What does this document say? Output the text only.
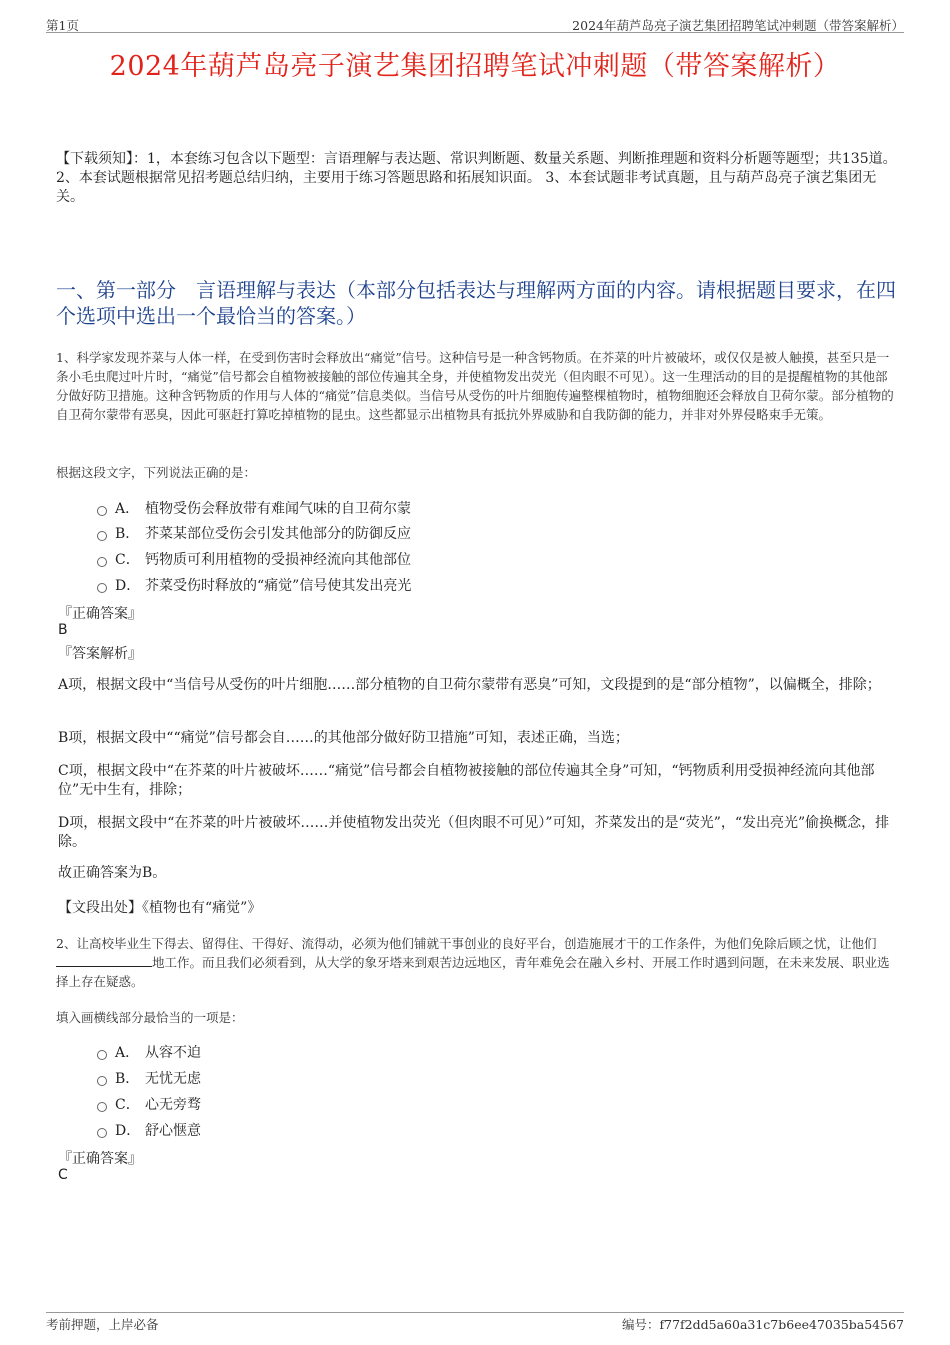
第1页	2024年葫芦岛亮子演艺集团招聘笔试冲刺题（带答案解析）
2024年葫芦岛亮子演艺集团招聘笔试冲刺题（带答案解析）
【下载须知】：1，本套练习包含以下题型：言语理解与表达题、常识判断题、数量关系题、判断推理题和资料分析题等题型；共135道。 2、本套试题根据常见招考题总结归纳，主要用于练习答题思路和拓展知识面。 3、本套试题非考试真题，且与葫芦岛亮子演艺集团无关。
一、第一部分　言语理解与表达（本部分包括表达与理解两方面的内容。请根据题目要求，在四个选项中选出一个最恰当的答案。）
1、科学家发现芥菜与人体一样，在受到伤害时会释放出“痛觉”信号。这种信号是一种含钙物质。在芥菜的叶片被破坏，或仅仅是被人触摸，甚至只是一条小毛虫爬过叶片时，“痛觉”信号都会自植物被接触的部位传遍其全身，并使植物发出荧光（但肉眼不可见）。这一生理活动的目的是提醒植物的其他部分做好防卫措施。这种含钙物质的作用与人体的“痛觉”信息类似。当信号从受伤的叶片细胞传遍整棵植物时，植物细胞还会释放自卫荷尔蒙。部分植物的自卫荷尔蒙带有恶臭，因此可驱赶打算吃掉植物的昆虫。这些都显示出植物具有抵抗外界威胁和自我防御的能力，并非对外界侵略束手无策。
根据这段文字，下列说法正确的是：
A． 植物受伤会释放带有难闻气味的自卫荷尔蒙
B． 芥菜某部位受伤会引发其他部分的防御反应
C． 钙物质可利用植物的受损神经流向其他部位
D． 芥菜受伤时释放的“痛觉”信号使其发出亮光
『正确答案』
B
『答案解析』
A项，根据文段中“当信号从受伤的叶片细胞……部分植物的自卫荷尔蒙带有恶臭”可知，文段提到的是“部分植物”，以偏概全，排除；
B项，根据文段中““痛觉”信号都会自……的其他部分做好防卫措施”可知，表述正确，当选；
C项，根据文段中“在芥菜的叶片被破坏……“痛觉”信号都会自植物被接触的部位传遍其全身”可知，“钙物质利用受损神经流向其他部位”无中生有，排除；
D项，根据文段中“在芥菜的叶片被破坏……并使植物发出荧光（但肉眼不可见）”可知，芥菜发出的是“荧光”，“发出亮光”偷换概念，排除。
故正确答案为B。
【文段出处】《植物也有“痛觉”》
2、让高校毕业生下得去、留得住、干得好、流得动，必须为他们铺就干事创业的良好平台，创造施展才干的工作条件，为他们免除后顾之忧，让他们地工作。而且我们必须看到，从大学的象牙塔来到艰苦边远地区，青年难免会在融入乡村、开展工作时遇到问题，在未来发展、职业选择上存在疑惑。
填入画横线部分最恰当的一项是：
A． 从容不迫
B． 无忧无虑
C． 心无旁骛
D． 舒心惬意
『正确答案』
C
考前押题，上岸必备	编号：f77f2dd5a60a31c7b6ee47035ba54567
